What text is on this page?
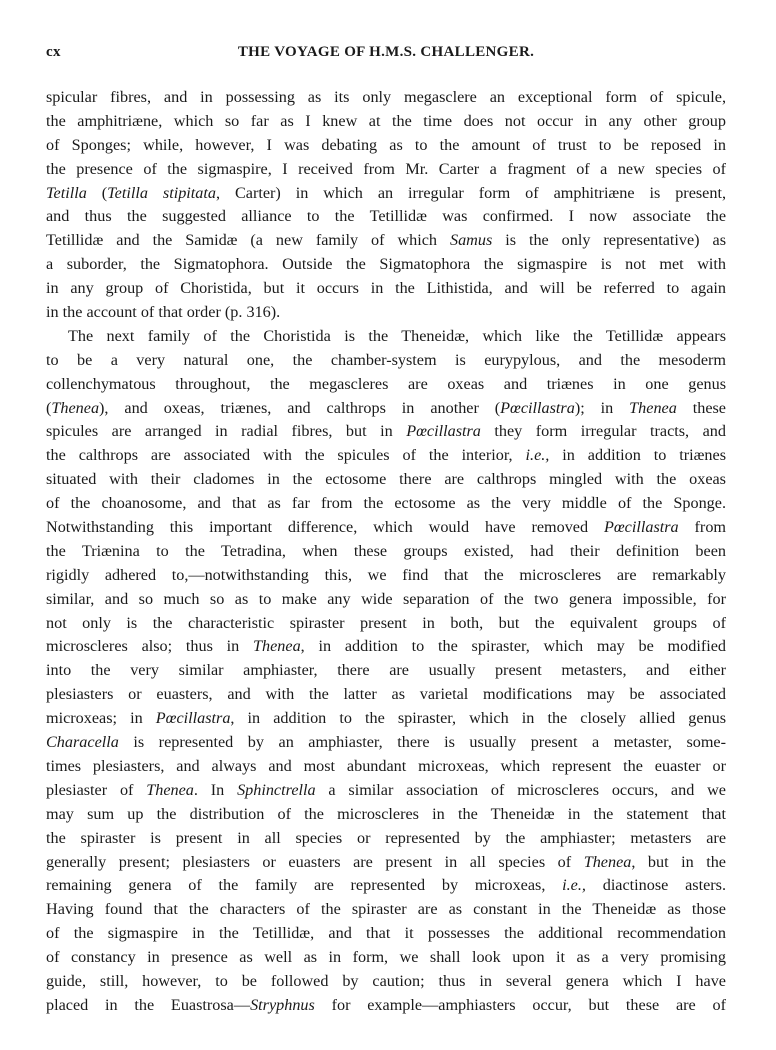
cx	THE VOYAGE OF H.M.S. CHALLENGER.
spicular fibres, and in possessing as its only megasclere an exceptional form of spicule,
the amphitriæne, which so far as I knew at the time does not occur in any other group
of Sponges; while, however, I was debating as to the amount of trust to be reposed in
the presence of the sigmaspire, I received from Mr. Carter a fragment of a new species of
Tetilla (Tetilla stipitata, Carter) in which an irregular form of amphitriæne is present,
and thus the suggested alliance to the Tetillidæ was confirmed. I now associate the
Tetillidæ and the Samidæ (a new family of which Samus is the only representative) as
a suborder, the Sigmatophora. Outside the Sigmatophora the sigmaspire is not met with
in any group of Choristida, but it occurs in the Lithistida, and will be referred to again
in the account of that order (p. 316).
The next family of the Choristida is the Theneidæ, which like the Tetillidæ appears
to be a very natural one, the chamber-system is eurypylous, and the mesoderm
collenchymatous throughout, the megascleres are oxeas and triænes in one genus
(Thenea), and oxeas, triænes, and calthrops in another (Pœcillastra); in Thenea these
spicules are arranged in radial fibres, but in Pœcillastra they form irregular tracts, and
the calthrops are associated with the spicules of the interior, i.e., in addition to triænes
situated with their cladomes in the ectosome there are calthrops mingled with the oxeas
of the choanosome, and that as far from the ectosome as the very middle of the Sponge.
Notwithstanding this important difference, which would have removed Pœcillastra from
the Triænina to the Tetradina, when these groups existed, had their definition been
rigidly adhered to,—notwithstanding this, we find that the microscleres are remarkably
similar, and so much so as to make any wide separation of the two genera impossible, for
not only is the characteristic spiraster present in both, but the equivalent groups of
microscleres also; thus in Thenea, in addition to the spiraster, which may be modified
into the very similar amphiaster, there are usually present metasters, and either
plesiasters or euasters, and with the latter as varietal modifications may be associated
microxeas; in Pœcillastra, in addition to the spiraster, which in the closely allied genus
Characella is represented by an amphiaster, there is usually present a metaster, some-
times plesiasters, and always and most abundant microxeas, which represent the euaster or
plesiaster of Thenea. In Sphinctrella a similar association of microscleres occurs, and we
may sum up the distribution of the microscleres in the Theneidæ in the statement that
the spiraster is present in all species or represented by the amphiaster; metasters are
generally present; plesiasters or euasters are present in all species of Thenea, but in the
remaining genera of the family are represented by microxeas, i.e., diactinose asters.
Having found that the characters of the spiraster are as constant in the Theneidæ as those
of the sigmaspire in the Tetillidæ, and that it possesses the additional recommendation
of constancy in presence as well as in form, we shall look upon it as a very promising
guide, still, however, to be followed by caution; thus in several genera which I have
placed in the Euastrosa—Stryphnus for example—amphiasters occur, but these are of
